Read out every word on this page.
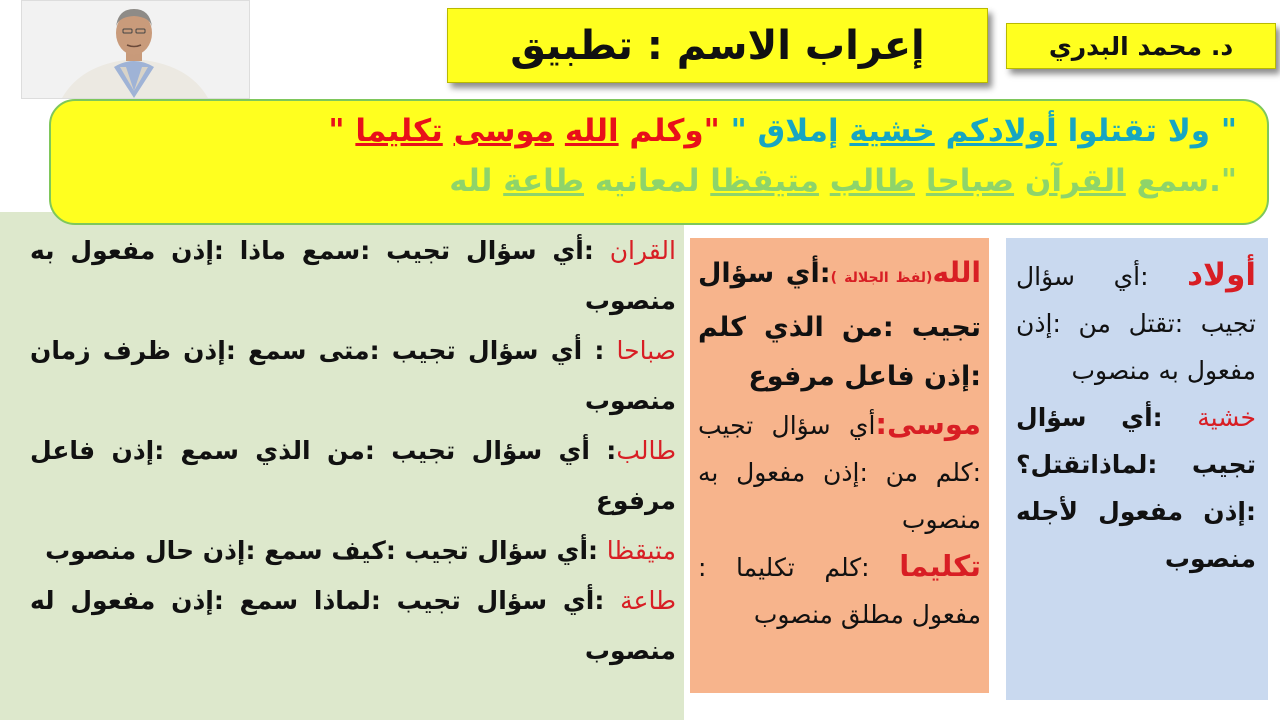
إعراب الاسم : تطبيق	د. محمد البدري
" ولا تقتلوا أولادكم خشية إملاق " "وكلم الله موسى تكليما "
".سمع القرآن صباحا طالب متيقظا لمعانيه طاعة لله

أولاد :أي سؤال تجيب :تقتل من :إذن مفعول به منصوب

خشية :أي سؤال تجيب :لماذاتقتل؟ :إذن مفعول لأجله منصوب

الله(لفظ الجلالة ):أي سؤال تجيب :من الذي كلم :إذن فاعل مرفوع

موسى:أي سؤال تجيب :كلم من :إذن مفعول به منصوب

تكليما :كلم تكليما : مفعول مطلق منصوب

القران :أي سؤال تجيب :سمع ماذا :إذن مفعول به منصوب

صباحا : أي سؤال تجيب :متى سمع :إذن ظرف زمان منصوب

طالب: أي سؤال تجيب :من الذي سمع :إذن فاعل مرفوع

متيقظا :أي سؤال تجيب :كيف سمع :إذن حال منصوب

طاعة :أي سؤال تجيب :لماذا سمع :إذن مفعول له منصوب
